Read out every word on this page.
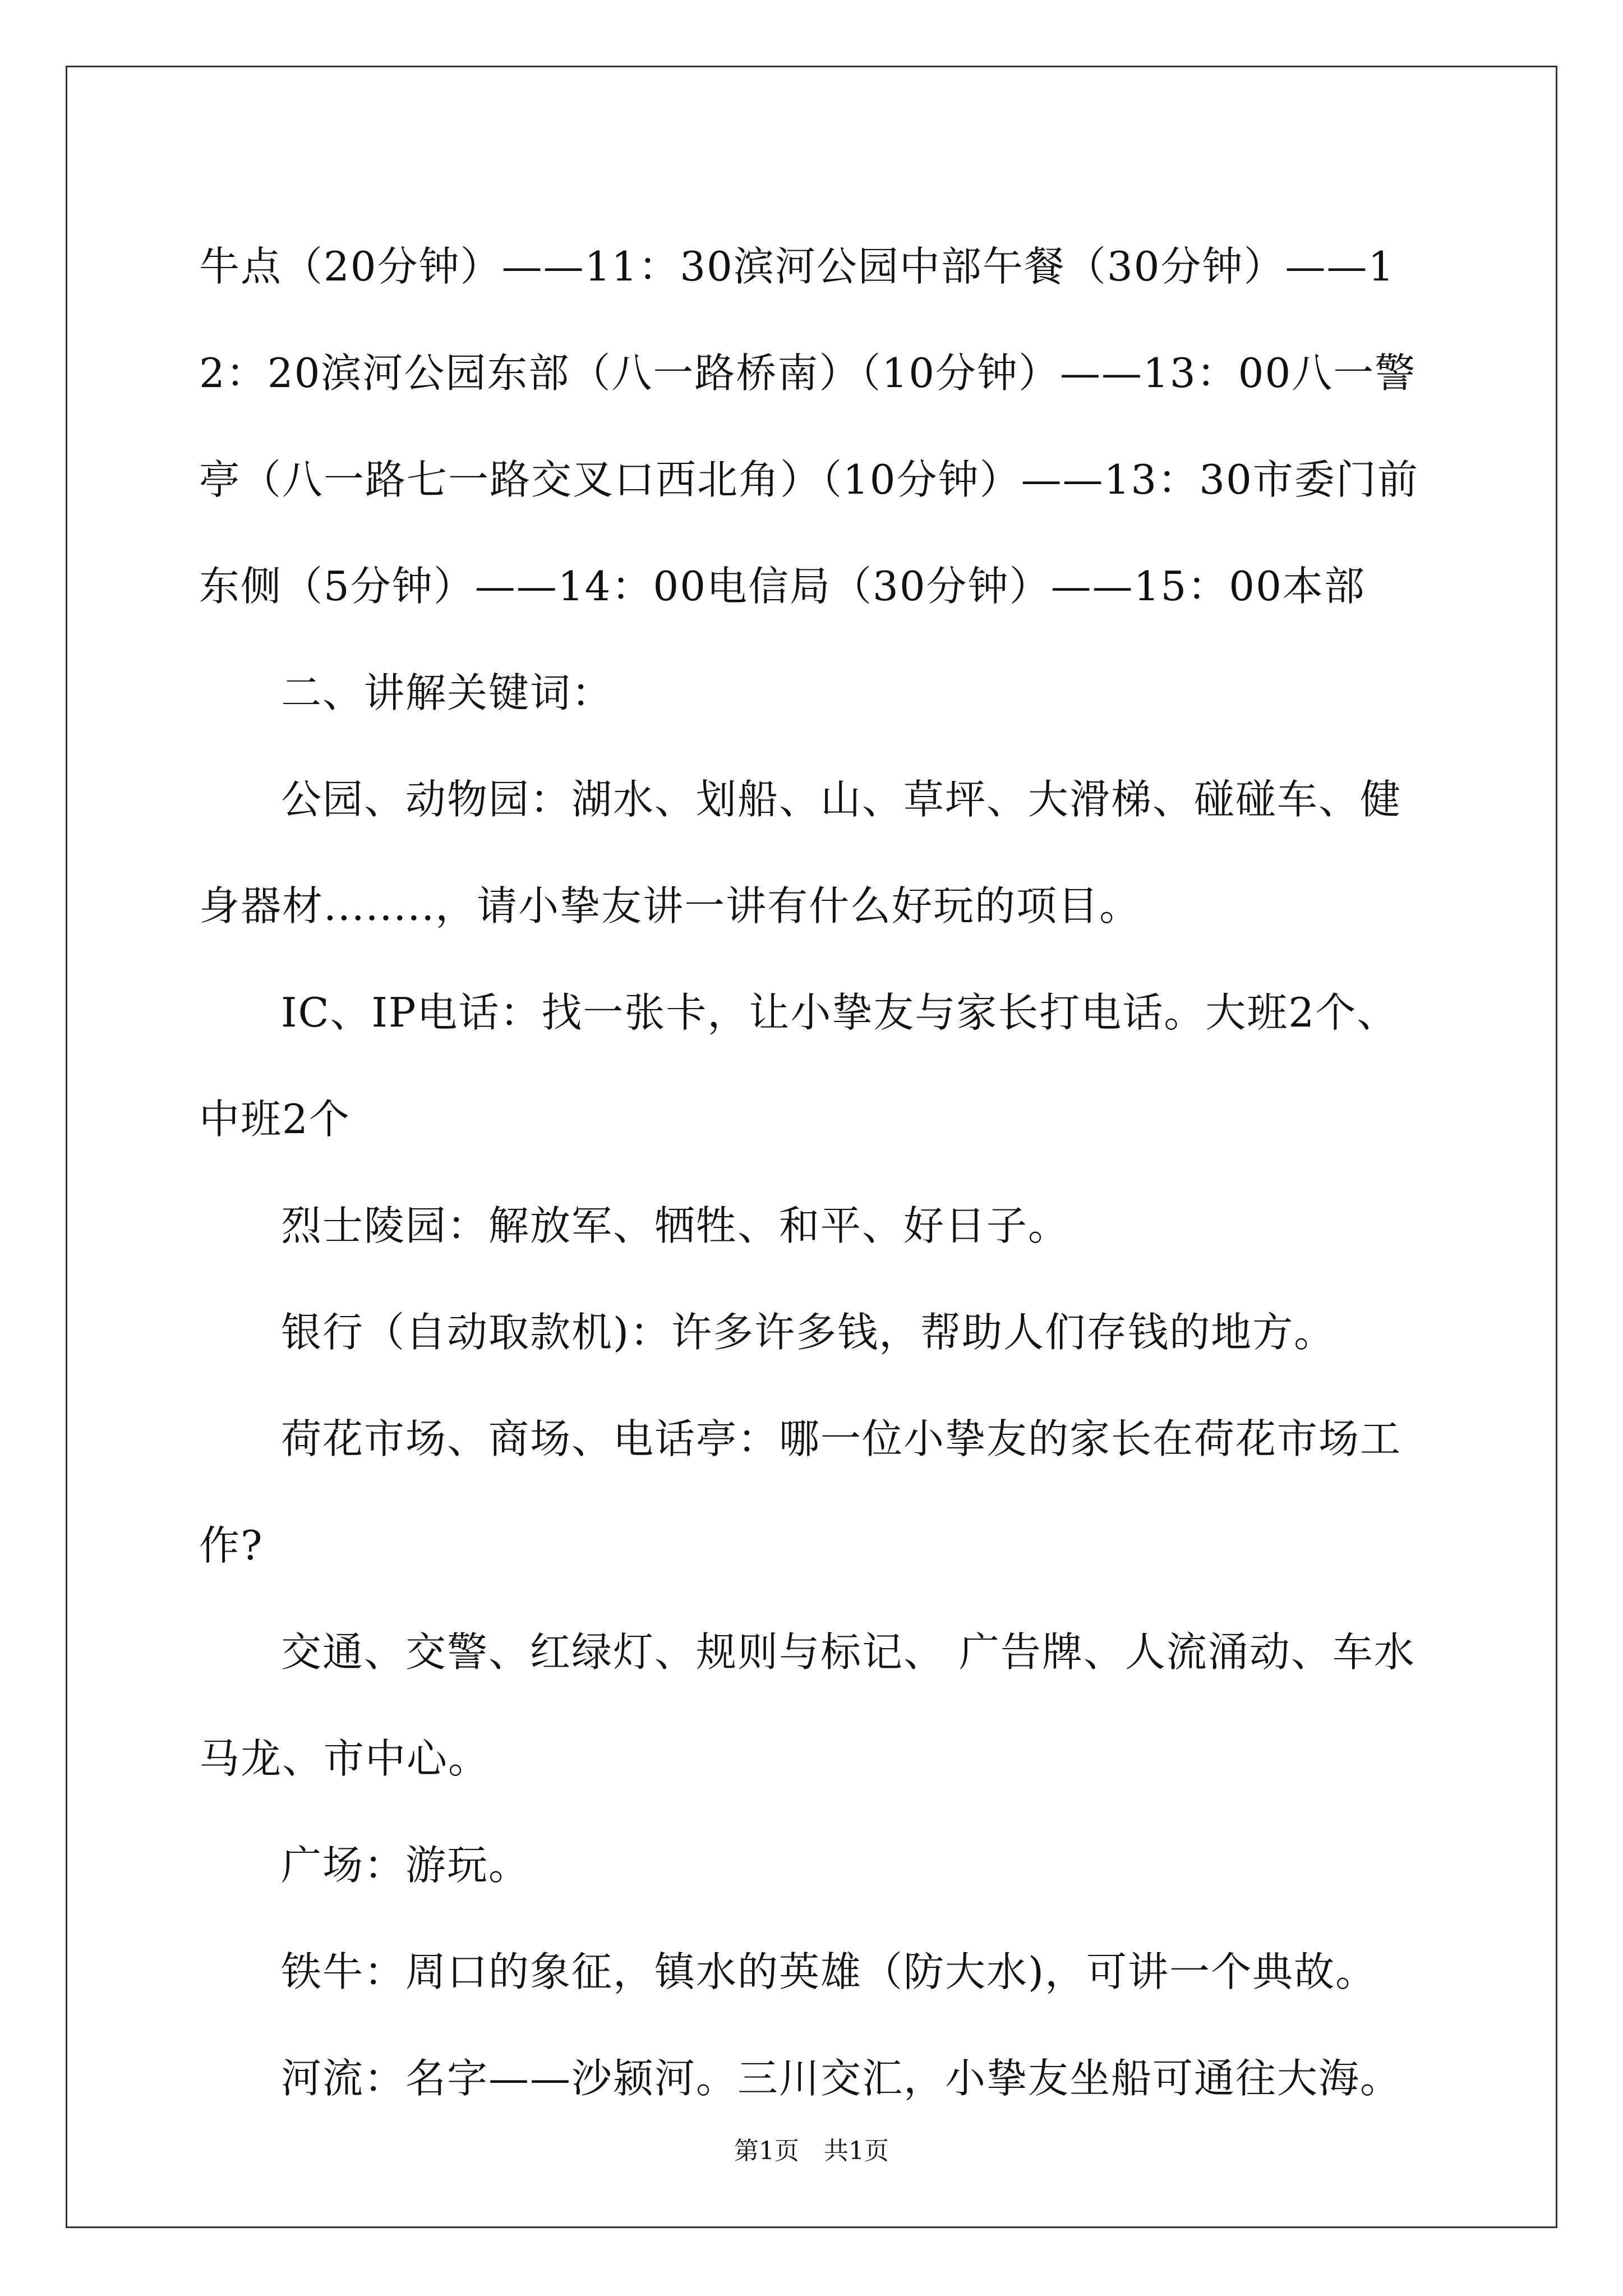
牛点（20分钟）——11：30滨河公园中部午餐（30分钟）——12：20滨河公园东部（八一路桥南）（10分钟）——13：00八一警亭（八一路七一路交叉口西北角）（10分钟）——13：30市委门前东侧（5分钟）——14：00电信局（30分钟）——15：00本部

二、讲解关键词：

公园、动物园：湖水、划船、山、草坪、大滑梯、碰碰车、健身器材........，请小挚友讲一讲有什么好玩的项目。

IC、IP电话：找一张卡，让小挚友与家长打电话。大班2个、中班2个

烈士陵园：解放军、牺牲、和平、好日子。

银行（自动取款机)：许多许多钱，帮助人们存钱的地方。

荷花市场、商场、电话亭：哪一位小挚友的家长在荷花市场工作?

交通、交警、红绿灯、规则与标记、 广告牌、人流涌动、车水马龙、市中心。

广场：游玩。

铁牛：周口的象征，镇水的英雄（防大水)，可讲一个典故。

河流：名字——沙颍河。三川交汇，小挚友坐船可通往大海。

第1页　共1页
